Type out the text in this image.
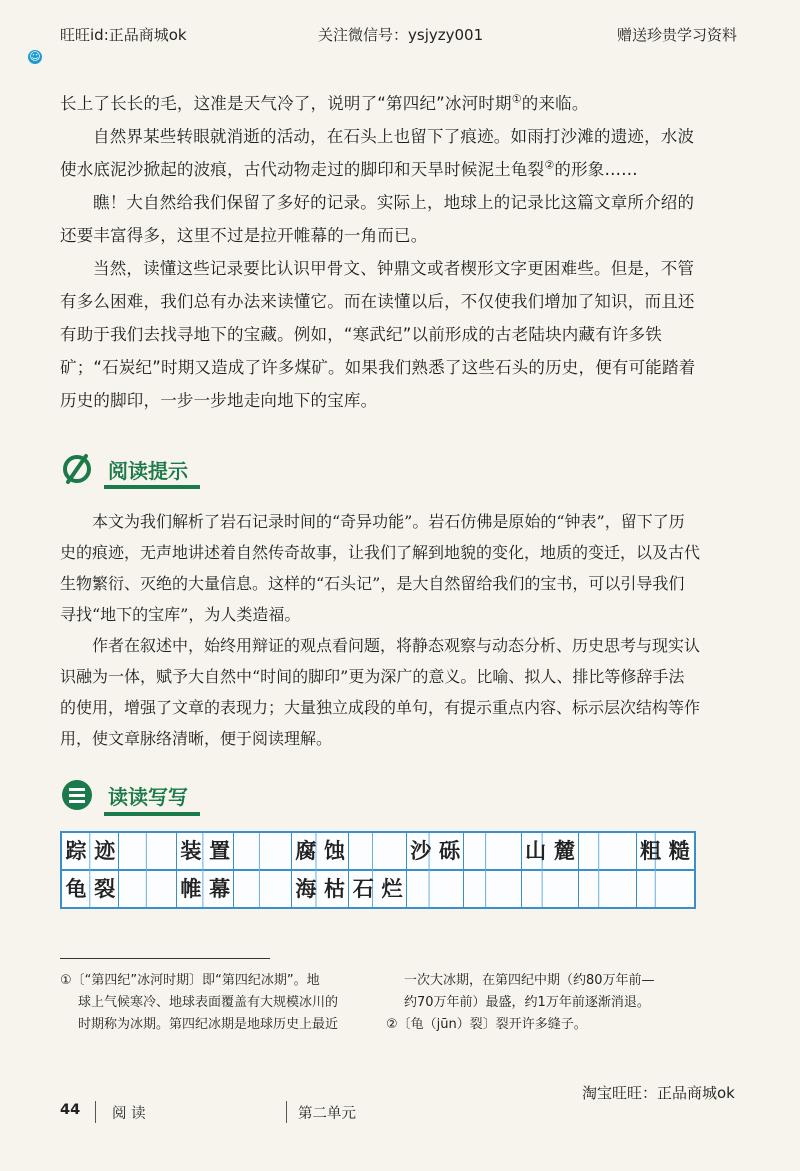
旺旺id:正品商城ok	关注微信号：ysjyzy001	赠送珍贵学习资料
☺

长上了长长的毛，这准是天气冷了，说明了“第四纪”冰河时期①的来临。

自然界某些转眼就消逝的活动，在石头上也留下了痕迹。如雨打沙滩的遗迹，水波使水底泥沙掀起的波痕，古代动物走过的脚印和天旱时候泥土龟裂②的形象……

瞧！大自然给我们保留了多好的记录。实际上，地球上的记录比这篇文章所介绍的还要丰富得多，这里不过是拉开帷幕的一角而已。

当然，读懂这些记录要比认识甲骨文、钟鼎文或者楔形文字更困难些。但是，不管有多么困难，我们总有办法来读懂它。而在读懂以后，不仅使我们增加了知识，而且还有助于我们去找寻地下的宝藏。例如，“寒武纪”以前形成的古老陆块内藏有许多铁矿；“石炭纪”时期又造成了许多煤矿。如果我们熟悉了这些石头的历史，便有可能踏着历史的脚印，一步一步地走向地下的宝库。

阅读提示

本文为我们解析了岩石记录时间的“奇异功能”。岩石仿佛是原始的“钟表”，留下了历史的痕迹，无声地讲述着自然传奇故事，让我们了解到地貌的变化，地质的变迁，以及古代生物繁衍、灭绝的大量信息。这样的“石头记”，是大自然留给我们的宝书，可以引导我们寻找“地下的宝库”，为人类造福。

作者在叙述中，始终用辩证的观点看问题，将静态观察与动态分析、历史思考与现实认识融为一体，赋予大自然中“时间的脚印”更为深广的意义。比喻、拟人、排比等修辞手法的使用，增强了文章的表现力；大量独立成段的单句，有提示重点内容、标示层次结构等作用，使文章脉络清晰，便于阅读理解。

读读写写
踪 迹	装 置	腐 蚀	沙 砾	山 麓	粗 糙
龟 裂	帷 幕	海 枯 石 烂
①〔“第四纪”冰河时期〕即“第四纪冰期”。地
球上气候寒冷、地球表面覆盖有大规模冰川的
时期称为冰期。第四纪冰期是地球历史上最近
一次大冰期，在第四纪中期（约80万年前—
约70万年前）最盛，约1万年前逐渐消退。
②〔龟（jūn）裂〕裂开许多缝子。
淘宝旺旺：正品商城ok
44 阅 读	第二单元
